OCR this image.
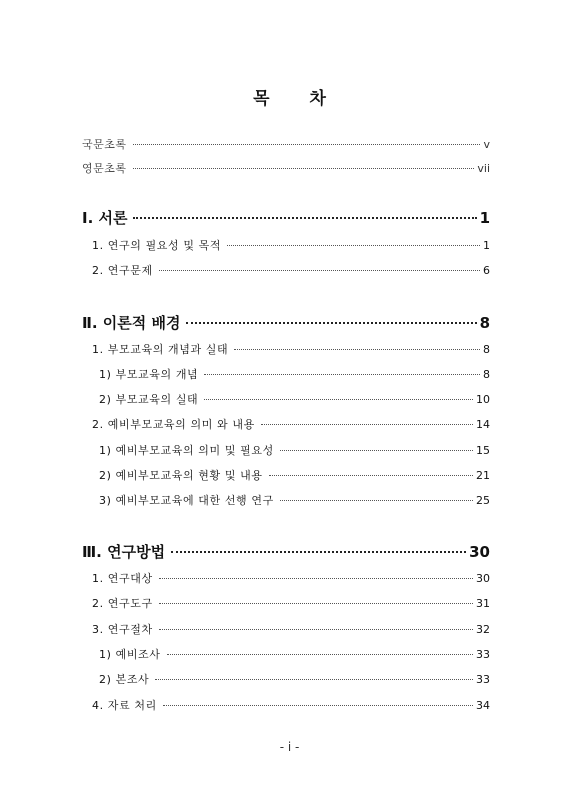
목 차
국문초록	v
영문초록	vii
Ⅰ. 서론	1
1. 연구의 필요성 및 목적	1
2. 연구문제	6
Ⅱ. 이론적 배경	8
1. 부모교육의 개념과 실태	8
1) 부모교육의 개념	8
2) 부모교육의 실태	10
2. 예비부모교육의 의미 와 내용	14
1) 예비부모교육의 의미 및 필요성	15
2) 예비부모교육의 현황 및 내용	21
3) 예비부모교육에 대한 선행 연구	25
Ⅲ. 연구방법	30
1. 연구대상	30
2. 연구도구	31
3. 연구절차	32
1) 예비조사	33
2) 본조사	33
4. 자료 처리	34
- i -
